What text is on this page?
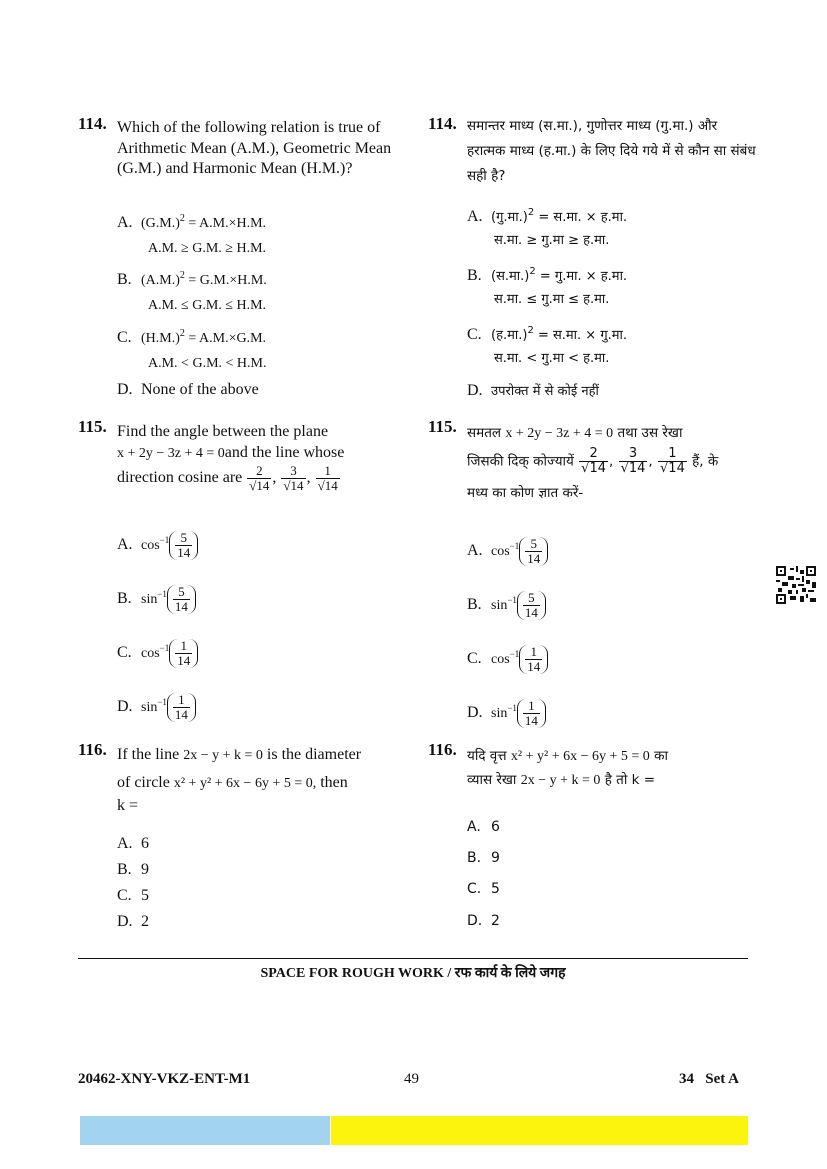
114. Which of the following relation is true of Arithmetic Mean (A.M.), Geometric Mean (G.M.) and Harmonic Mean (H.M.)?
A. $(G.M.)^2 = A.M.\times H.M$.
A.M. ≥ G.M. ≥ H.M.
B. $(A.M.)^2 = G.M.\times H.M$.
A.M. ≤ G.M. ≤ H.M.
C. $(H.M.)^2 = A.M.\times G.M$.
A.M. < G.M. < H.M.
D. None of the above
115. Find the angle between the plane
x + 2y − 3z + 4 = 0and the line whose
direction cosine are $\frac{2}{√14}$ , $\frac{3}{√14}$ , $\frac{1}{√14}$
A. $\cos^{-1} \frac{5}{14}$
B. $\sin^{-1} \frac{5}{14}$
C. $\cos^{-1} \frac{1}{14}$
D. $\sin^{-1} \frac{1}{14}$
116. If the line 2x − y + k = 0 is the diameter
of circle x² + y² + 6x − 6y + 5 = 0, then
k =
A. 6
B. 9
C. 5
D. 2
114. समान्तर माध्य (स.मा.), गुणोत्तर माध्य (गु.मा.) और हरात्मक माध्य (ह.मा.) के लिए दिये गये में से कौन सा संबंध सही है?
A. (गु.मा.)$^2$ = स.मा. × ह.मा.
स.मा. ≥ गु.मा ≥ ह.मा.
B. (स.मा.)$^2$ = गु.मा. × ह.मा.
स.मा. ≤ गु.मा ≤ ह.मा.
C. (ह.मा.)$^2$ = स.मा. × गु.मा.
स.मा. < गु.मा < ह.मा.
D. उपरोक्त में से कोई नहीं
115. समतल x + 2y − 3z + 4 = 0 तथा उस रेखा
जिसकी दिक् कोज्यायें $\frac{2}{√14}$ , $\frac{3}{√14}$ , $\frac{1}{√14}$ हैं, के
मध्य का कोण ज्ञात करें-
A. $\cos^{-1} \frac{5}{14}$
B. $\sin^{-1} \frac{5}{14}$
C. $\cos^{-1} \frac{1}{14}$
D. $\sin^{-1} \frac{1}{14}$
116. यदि वृत्त x² + y² + 6x − 6y + 5 = 0 का
व्यास रेखा 2x − y + k = 0 है तो k =
A. 6
B. 9
C. 5
D. 2
SPACE FOR ROUGH WORK / रफ कार्य के लिये जगह
20462-XNY-VKZ-ENT-M1	49	34   Set A
